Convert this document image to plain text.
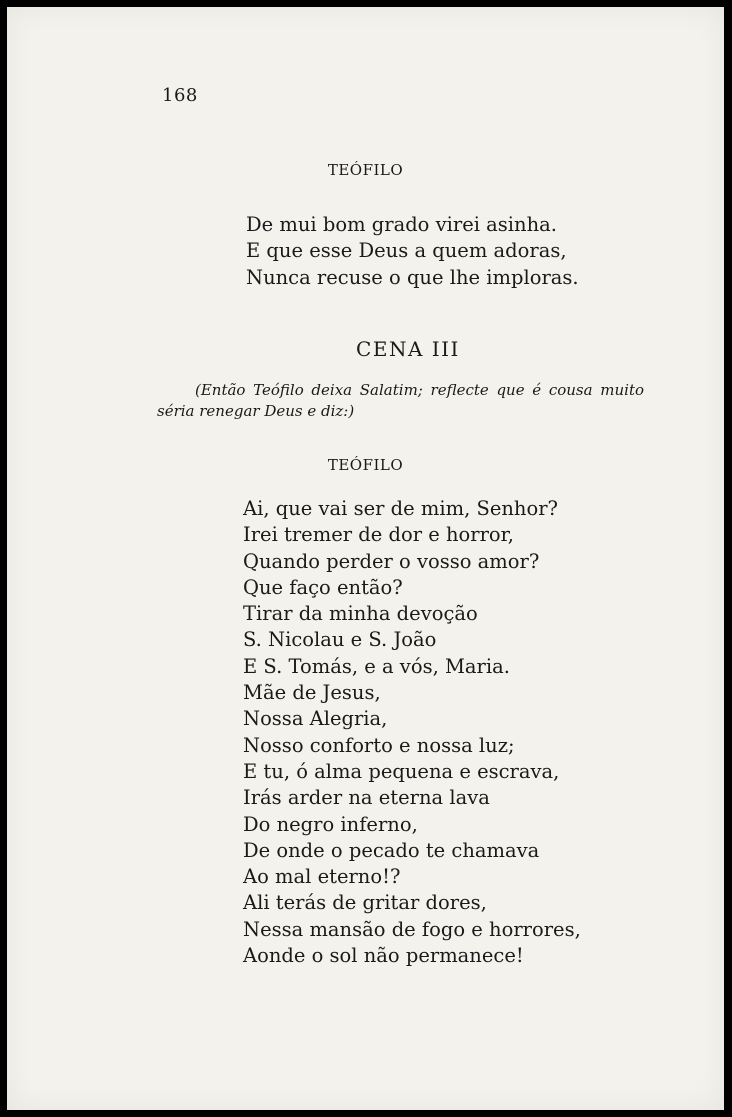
168
TEÓFILO
De mui bom grado virei asinha.
E que esse Deus a quem adoras,
Nunca recuse o que lhe imploras.
CENA III
(Então Teófilo deixa Salatim; reflecte que é cousa muito séria renegar Deus e diz:)
TEÓFILO
Ai, que vai ser de mim, Senhor?
Irei tremer de dor e horror,
Quando perder o vosso amor?
Que faço então?
Tirar da minha devoção
S. Nicolau e S. João
E S. Tomás, e a vós, Maria.
Mãe de Jesus,
Nossa Alegria,
Nosso conforto e nossa luz;
E tu, ó alma pequena e escrava,
Irás arder na eterna lava
Do negro inferno,
De onde o pecado te chamava
Ao mal eterno!?
Ali terás de gritar dores,
Nessa mansão de fogo e horrores,
Aonde o sol não permanece!
